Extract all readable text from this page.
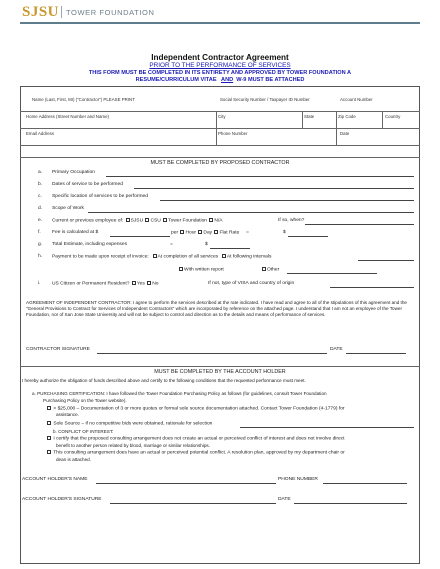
SJSU TOWER FOUNDATION
Independent Contractor Agreement
PRIOR TO THE PERFORMANCE OF SERVICES
THIS FORM MUST BE COMPLETED IN ITS ENTIRETY AND APPROVED BY TOWER FOUNDATION A
RESUME/CURRICULUM VITAE AND W-9 MUST BE ATTACHED
Name (Last, First, MI) ("Contractor") PLEASE PRINT	Social Security Number / Taxpayer ID Number	Account Number
Home Address (Street Number and Name)	City	State	Zip Code	Country
Email Address	Phone Number	Date
MUST BE COMPLETED BY PROPOSED CONTRACTOR
a. Primary Occupation
b. Dates of service to be performed
c. Specific location of services to be performed
d. Scope of Work
e. Current or previous employee of: SJSU CSU Tower Foundation N/A	If so, when?
f. Fee is calculated at $	per Hour Day Flat Rate =	$
g. Total Estimate, including expenses	=	$
h. Payment to be made upon receipt of invoice: At completion of all services At following intervals
With written report	Other
i. US Citizen or Permanent Resident? Yes No	If not, type of VISA and country of origin
AGREEMENT OF INDEPENDENT CONTRACTOR: I agree to perform the services described at the rate indicated. I have read and agree to all of the stipulations of this agreement and the "General Provisions to Contract for Services of Independent Contractors" which are incorporated by reference on the attached page. I understand that I am not an employee of the Tower Foundation, nor of San Jose State University and will not be subject to control and direction as to the details and means of performance of services.
CONTRACTOR SIGNATURE	DATE
MUST BE COMPLETED BY THE ACCOUNT HOLDER
I hereby authorize the obligation of funds described above and certify to the following conditions that the requested performance must meet.
a. PURCHASING CERTIFICATION: I have followed the Tower Foundation Purchasing Policy as follows (for guidelines, consult Tower Foundation
Purchasing Policy on the Tower website).
> $25,000 – Documentation of 3 or more quotes or formal sole source documentation attached. Contact Tower Foundation (4-1779) for
assistance.
Sole Source – if no competitive bids were obtained, rationale for selection
b. CONFLICT OF INTEREST:
I certify that the proposed consulting arrangement does not create an actual or perceived conflict of interest and does not involve direct
benefit to another person related by blood, marriage or similar relationships.
This consulting arrangement does have an actual or perceived potential conflict. A resolution plan, approved by my department chair or
dean is attached.
ACCOUNT HOLDER'S NAME	PHONE NUMBER
ACCOUNT HOLDER'S SIGNATURE	DATE
